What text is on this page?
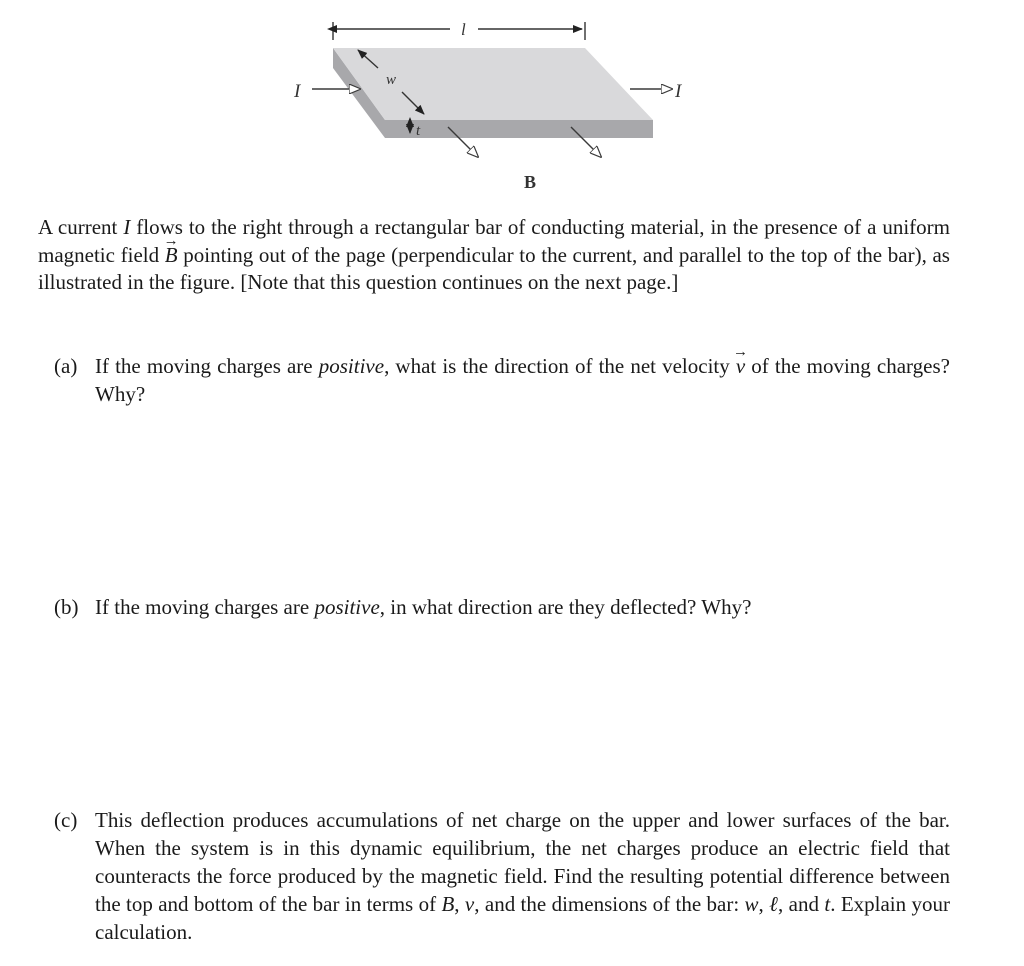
l
w
t
I	I
B
A current I flows to the right through a rectangular bar of conducting material, in the presence of a uniform magnetic field → B pointing out of the page (perpendicular to the current, and parallel to the top of the bar), as illustrated in the figure. [Note that this question continues on the next page.]
(a) If the moving charges are positive, what is the direction of the net velocity → v of the moving charges? Why?
(b) If the moving charges are positive, in what direction are they deflected? Why?
(c) This deflection produces accumulations of net charge on the upper and lower surfaces of the bar. When the system is in this dynamic equilibrium, the net charges produce an electric field that counteracts the force produced by the magnetic field. Find the resulting potential difference between the top and bottom of the bar in terms of B, v, and the dimensions of the bar: w, ℓ, and t. Explain your calculation.
